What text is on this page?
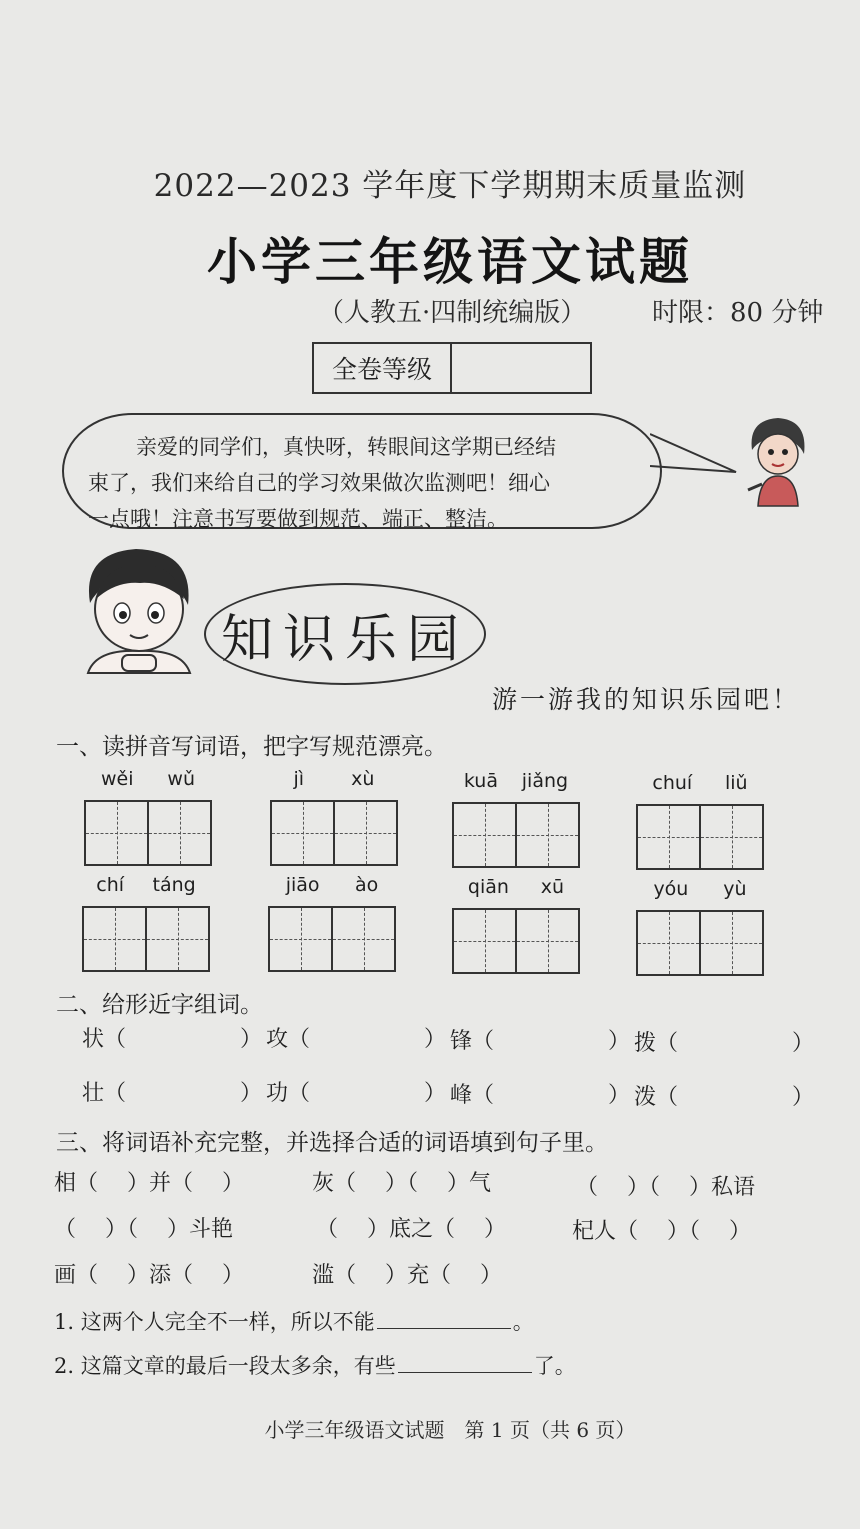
2022—2023 学年度下学期期末质量监测
小学三年级语文试题
（人教五·四制统编版）	时限：80 分钟
全卷等级
亲爱的同学们，真快呀，转眼间这学期已经结
束了，我们来给自己的学习效果做次监测吧！细心
一点哦！注意书写要做到规范、端正、整洁。
知识乐园
游一游我的知识乐园吧！
一、读拼音写词语，把字写规范漂亮。
wěi wǔ	jì xù	kuā jiǎng	chuí liǔ
chí táng	jiāo ào	qiān xū	yóu yù
二、给形近字组词。
状（	） 攻（	） 锋（	） 拨（	）
壮（	） 功（	） 峰（	） 泼（	）
三、将词语补充完整，并选择合适的词语填到句子里。
相（　 ）并（　 ）	灰（　 ）（　 ）气	（　 ）（　 ）私语
（　 ）（　 ）斗艳	（　 ）底之（　 ）	杞人（　 ）（　 ）
画（　 ）添（　 ）	滥（　 ）充（　 ）
1. 这两个人完全不一样，所以不能	。
2. 这篇文章的最后一段太多余，有些	了。
小学三年级语文试题　第 1 页（共 6 页）
